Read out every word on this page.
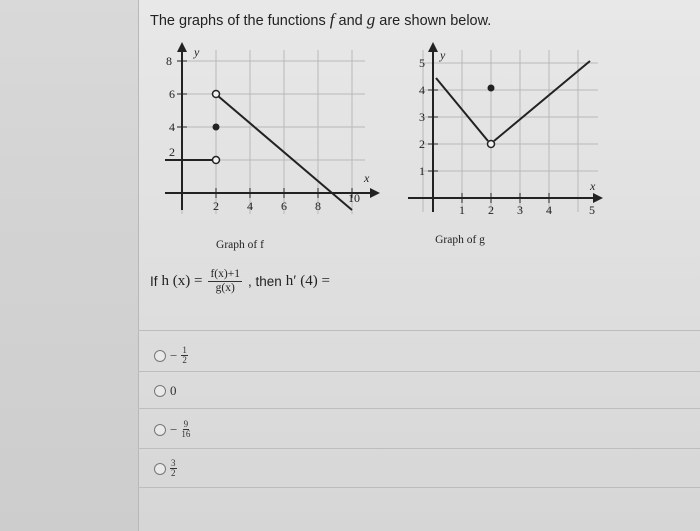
The graphs of the functions f and g are shown below.
8
6
4
2
2 4 6 8
10
y
x
Graph of f
5
4
3
2
1
1 2 3 4	5
y
x
Graph of g
If h $(x) = \frac{f(x)+1}{g(x)}$ , then h′ (4) =
− $\frac{1}{2}$
0
− $\frac{9}{16}$
3
2
